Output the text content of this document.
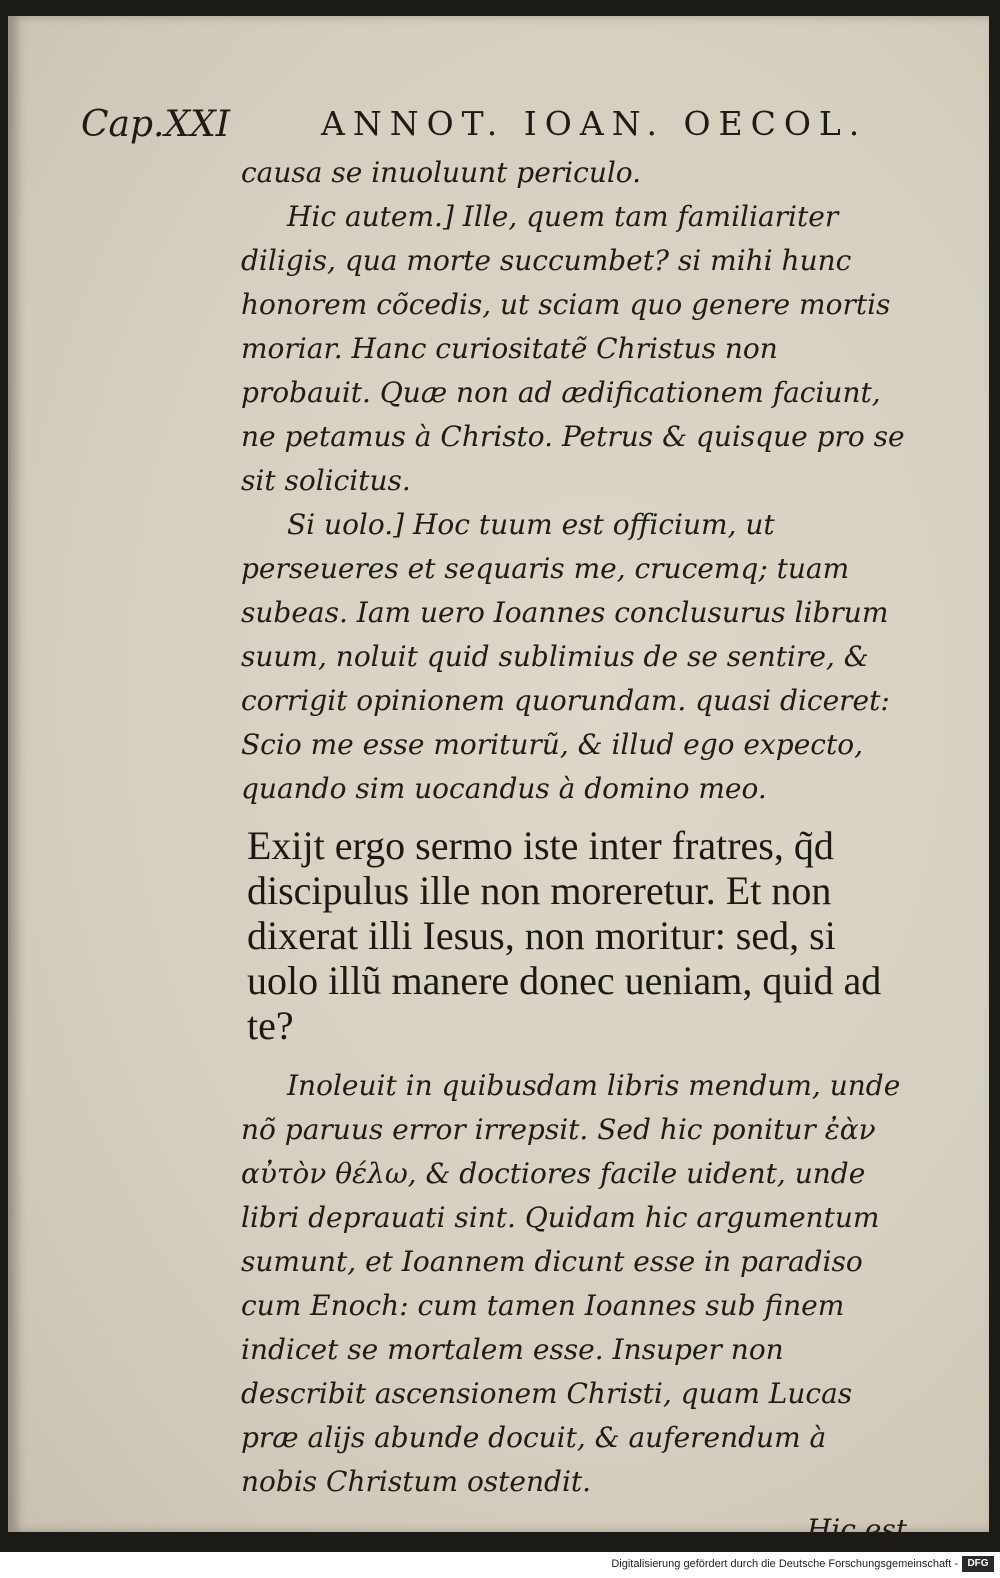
Cap.XXI	ANNOT. IOAN. OECOL.

causa se inuoluunt periculo.

Hic autem.] Ille, quem tam familiariter diligis, qua morte succumbet? si mihi hunc honorem cõcedis, ut sciam quo genere mortis moriar. Hanc curiositatẽ Christus non probauit. Quæ non ad ædificationem faciunt, ne petamus à Christo. Petrus & quisque pro se sit solicitus.

Si uolo.] Hoc tuum est officium, ut perseueres et sequaris me, crucemq; tuam subeas. Iam uero Ioannes conclusurus librum suum, noluit quid sublimius de se sentire, & corrigit opinionem quorundam. quasi diceret: Scio me esse moriturũ, & illud ego expecto, quando sim uocandus à domino meo.

Exijt ergo sermo iste inter fratres, q̃d discipulus ille non moreretur. Et non dixerat illi Iesus, non moritur: sed, si uolo illũ manere donec ueniam, quid ad te?

Inoleuit in quibusdam libris mendum, unde nõ paruus error irrepsit. Sed hic ponitur ἐὰν αὐτὸν θέλω, & doctiores facile uident, unde libri deprauati sint. Quidam hic argumentum sumunt, et Ioannem dicunt esse in paradiso cum Enoch: cum tamen Ioannes sub finem indicet se mortalem esse. Insuper non describit ascensionem Christi, quam Lucas præ alijs abunde docuit, & auferendum à nobis Christum ostendit.

Hic est

Digitalisierung gefördert durch die Deutsche Forschungsgemeinschaft - DFG
